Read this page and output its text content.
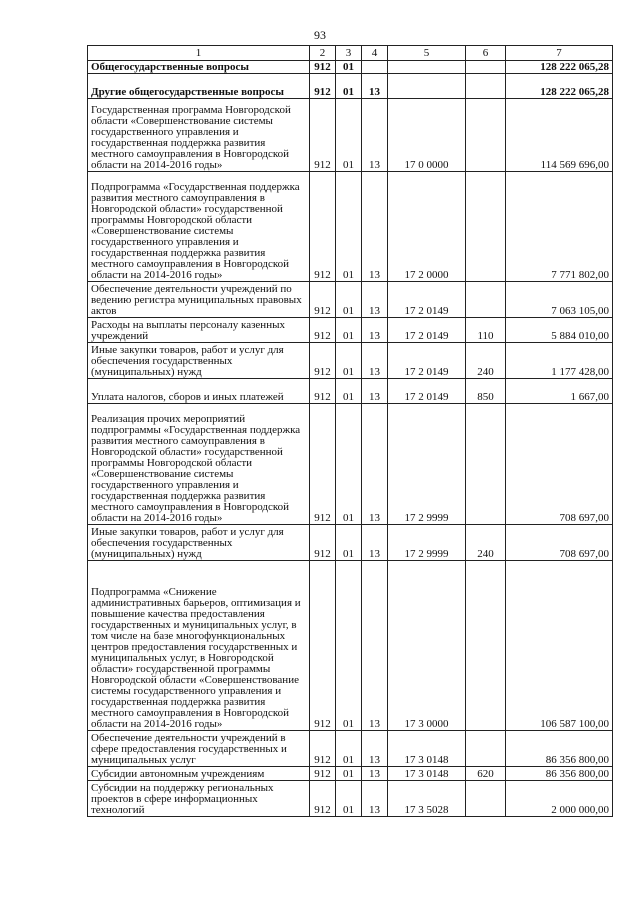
93
1	2	3	4	5	6	7
Общегосударственные вопросы	912	01				128 222 065,28
Другие общегосударственные вопросы	912	01	13			128 222 065,28
Государственная программа Новгородской области «Совершенствование системы государственного управления и государственная поддержка развития местного самоуправления в Новгородской области на 2014-2016 годы»	912	01	13	17 0 0000		114 569 696,00
Подпрограмма «Государственная поддержка развития местного самоуправления в Новгородской области» государственной программы Новгородской области «Совершенствование системы государственного управления и государственная поддержка развития местного самоуправления в Новгородской области на 2014-2016 годы»	912	01	13	17 2 0000		7 771 802,00
Обеспечение деятельности учреждений по ведению регистра муниципальных правовых актов	912	01	13	17 2 0149		7 063 105,00
Расходы на выплаты персоналу казенных учреждений	912	01	13	17 2 0149	110	5 884 010,00
Иные закупки товаров, работ и услуг для обеспечения государственных (муниципальных) нужд	912	01	13	17 2 0149	240	1 177 428,00
Уплата налогов, сборов и иных платежей	912	01	13	17 2 0149	850	1 667,00
Реализация прочих мероприятий подпрограммы «Государственная поддержка развития местного самоуправления в Новгородской области» государственной программы Новгородской области «Совершенствование системы государственного управления и государственная поддержка развития местного самоуправления в Новгородской области на 2014-2016 годы»	912	01	13	17 2 9999		708 697,00
Иные закупки товаров, работ и услуг для обеспечения государственных (муниципальных) нужд	912	01	13	17 2 9999	240	708 697,00
Подпрограмма «Снижение административных барьеров, оптимизация и повышение качества предоставления государственных и муниципальных услуг, в том числе на базе многофункциональных центров предоставления государственных и муниципальных услуг, в Новгородской области» государственной программы Новгородской области «Совершенствование системы государственного управления и государственная поддержка развития местного самоуправления в Новгородской области на 2014-2016 годы»	912	01	13	17 3 0000		106 587 100,00
Обеспечение деятельности учреждений в сфере предоставления государственных и муниципальных услуг	912	01	13	17 3 0148		86 356 800,00
Субсидии автономным учреждениям	912	01	13	17 3 0148	620	86 356 800,00
Субсидии на поддержку региональных проектов в сфере информационных технологий	912	01	13	17 3 5028		2 000 000,00
